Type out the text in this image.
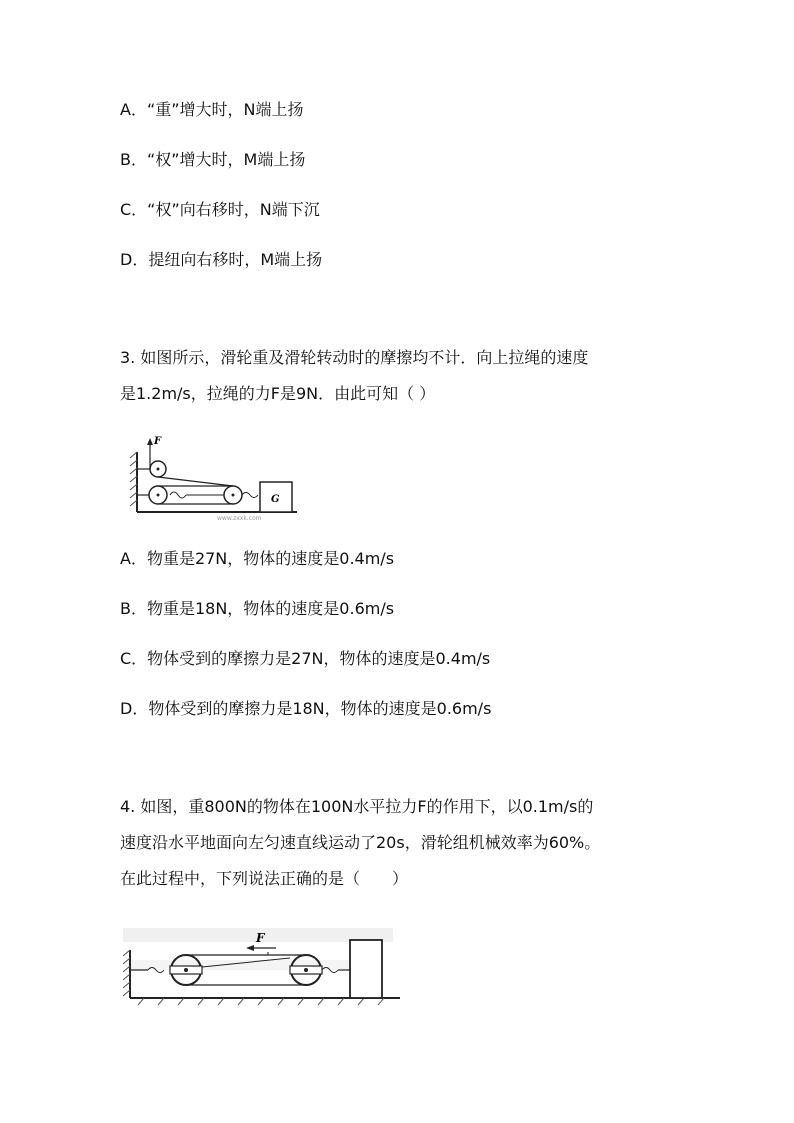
A．“重”增大时，N端上扬
B．“权”增大时，M端上扬
C．“权”向右移时，N端下沉
D．提纽向右移时，M端上扬
3. 如图所示，滑轮重及滑轮转动时的摩擦均不计．向上拉绳的速度
是1.2m/s，拉绳的力F是9N．由此可知（ ）
F
G
www.zxxk.com
A．物重是27N，物体的速度是0.4m/s
B．物重是18N，物体的速度是0.6m/s
C．物体受到的摩擦力是27N，物体的速度是0.4m/s
D．物体受到的摩擦力是18N，物体的速度是0.6m/s
4. 如图，重800N的物体在100N水平拉力F的作用下，以0.1m/s的
速度沿水平地面向左匀速直线运动了20s，滑轮组机械效率为60%。
在此过程中，下列说法正确的是（　　）
F
